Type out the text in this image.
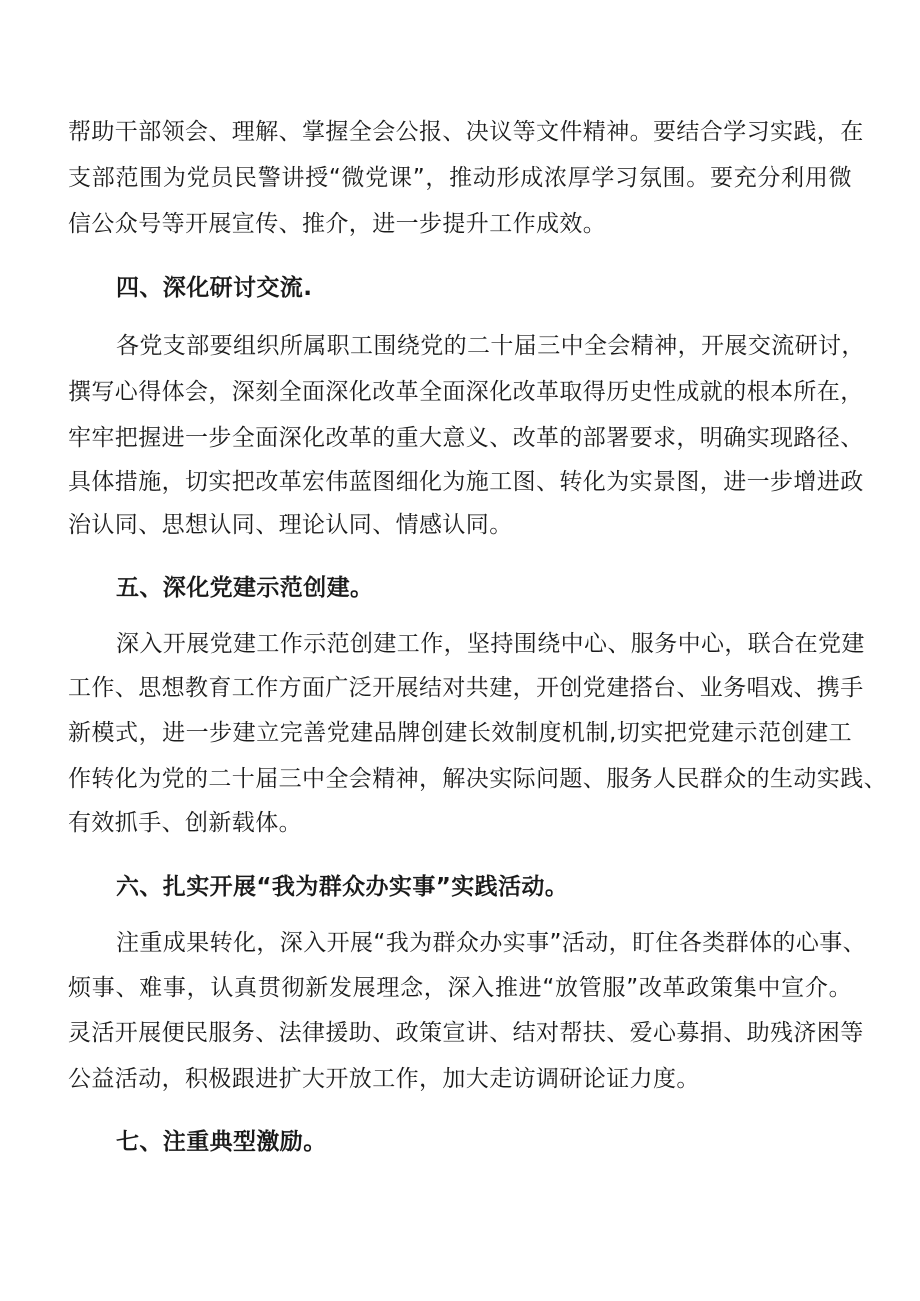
帮助干部领会、理解、掌握全会公报、决议等文件精神。要结合学习实践，在
支部范围为党员民警讲授“微党课”，推动形成浓厚学习氛围。要充分利用微
信公众号等开展宣传、推介，进一步提升工作成效。
四、深化研讨交流.
各党支部要组织所属职工围绕党的二十届三中全会精神，开展交流研讨，
撰写心得体会，深刻全面深化改革全面深化改革取得历史性成就的根本所在，
牢牢把握进一步全面深化改革的重大意义、改革的部署要求，明确实现路径、
具体措施，切实把改革宏伟蓝图细化为施工图、转化为实景图，进一步增进政
治认同、思想认同、理论认同、情感认同。
五、深化党建示范创建。
深入开展党建工作示范创建工作，坚持围绕中心、服务中心，联合在党建
工作、思想教育工作方面广泛开展结对共建，开创党建搭台、业务唱戏、携手
新模式，进一步建立完善党建品牌创建长效制度机制,切实把党建示范创建工
作转化为党的二十届三中全会精神，解决实际问题、服务人民群众的生动实践、
有效抓手、创新载体。
六、扎实开展“我为群众办实事”实践活动。
注重成果转化，深入开展“我为群众办实事”活动，盯住各类群体的心事、
烦事、难事，认真贯彻新发展理念，深入推进“放管服”改革政策集中宣介。
灵活开展便民服务、法律援助、政策宣讲、结对帮扶、爱心募捐、助残济困等
公益活动，积极跟进扩大开放工作，加大走访调研论证力度。
七、注重典型激励。
